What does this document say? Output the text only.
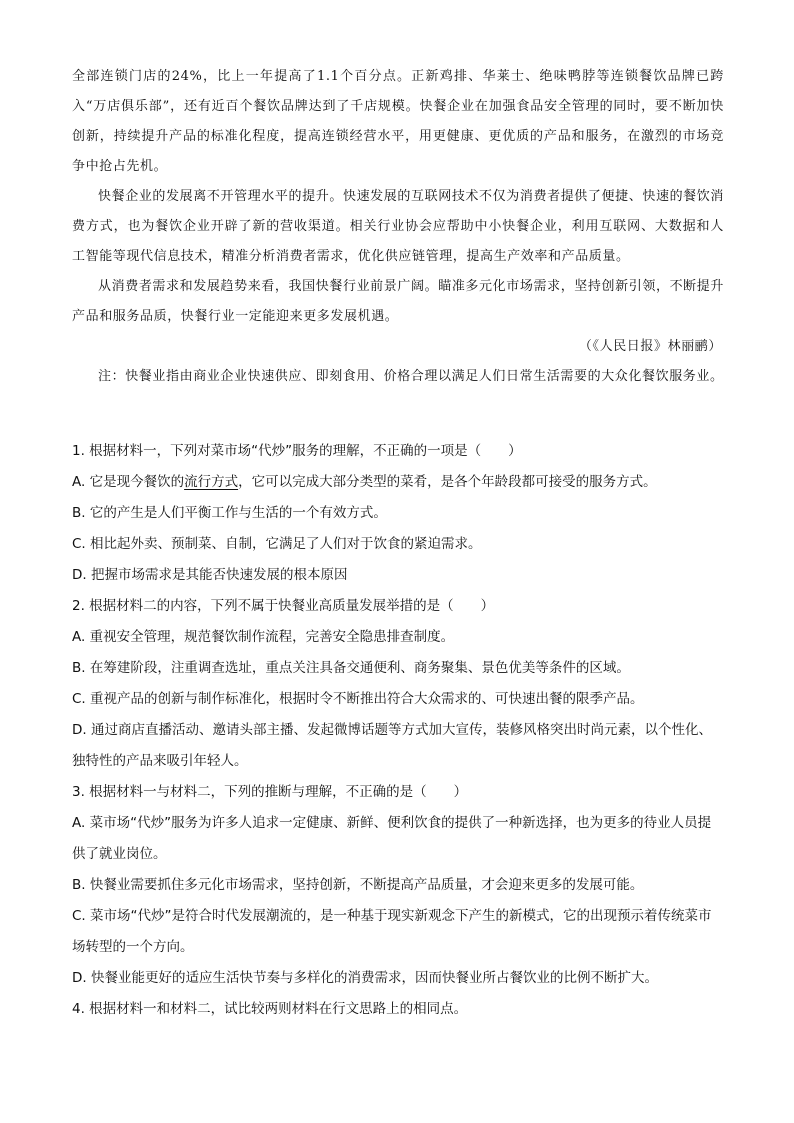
全部连锁门店的24%，比上一年提高了1.1个百分点。正新鸡排、华莱士、绝味鸭脖等连锁餐饮品牌已跨入“万店俱乐部”，还有近百个餐饮品牌达到了千店规模。快餐企业在加强食品安全管理的同时，要不断加快创新，持续提升产品的标准化程度，提高连锁经营水平，用更健康、更优质的产品和服务，在激烈的市场竞争中抢占先机。

快餐企业的发展离不开管理水平的提升。快速发展的互联网技术不仅为消费者提供了便捷、快速的餐饮消费方式，也为餐饮企业开辟了新的营收渠道。相关行业协会应帮助中小快餐企业，利用互联网、大数据和人工智能等现代信息技术，精准分析消费者需求，优化供应链管理，提高生产效率和产品质量。

从消费者需求和发展趋势来看，我国快餐行业前景广阔。瞄准多元化市场需求，坚持创新引领，不断提升产品和服务品质，快餐行业一定能迎来更多发展机遇。

（《人民日报》林丽鹂）

注：快餐业指由商业企业快速供应、即刻食用、价格合理以满足人们日常生活需要的大众化餐饮服务业。

1. 根据材料一，下列对菜市场“代炒”服务的理解，不正确的一项是（　　）

A. 它是现今餐饮的流行方式，它可以完成大部分类型的菜肴，是各个年龄段都可接受的服务方式。

B. 它的产生是人们平衡工作与生活的一个有效方式。

C. 相比起外卖、预制菜、自制，它满足了人们对于饮食的紧迫需求。

D. 把握市场需求是其能否快速发展的根本原因

2. 根据材料二的内容，下列不属于快餐业高质量发展举措的是（　　）

A. 重视安全管理，规范餐饮制作流程，完善安全隐患排查制度。

B. 在筹建阶段，注重调查选址，重点关注具备交通便利、商务聚集、景色优美等条件的区域。

C. 重视产品的创新与制作标准化，根据时令不断推出符合大众需求的、可快速出餐的限季产品。

D. 通过商店直播活动、邀请头部主播、发起微博话题等方式加大宣传，装修风格突出时尚元素，以个性化、独特性的产品来吸引年轻人。

3. 根据材料一与材料二，下列的推断与理解，不正确的是（　　）

A. 菜市场“代炒”服务为许多人追求一定健康、新鲜、便利饮食的提供了一种新选择，也为更多的待业人员提供了就业岗位。

B. 快餐业需要抓住多元化市场需求，坚持创新，不断提高产品质量，才会迎来更多的发展可能。

C. 菜市场“代炒”是符合时代发展潮流的，是一种基于现实新观念下产生的新模式，它的出现预示着传统菜市场转型的一个方向。

D. 快餐业能更好的适应生活快节奏与多样化的消费需求，因而快餐业所占餐饮业的比例不断扩大。

4. 根据材料一和材料二，试比较两则材料在行文思路上的相同点。
